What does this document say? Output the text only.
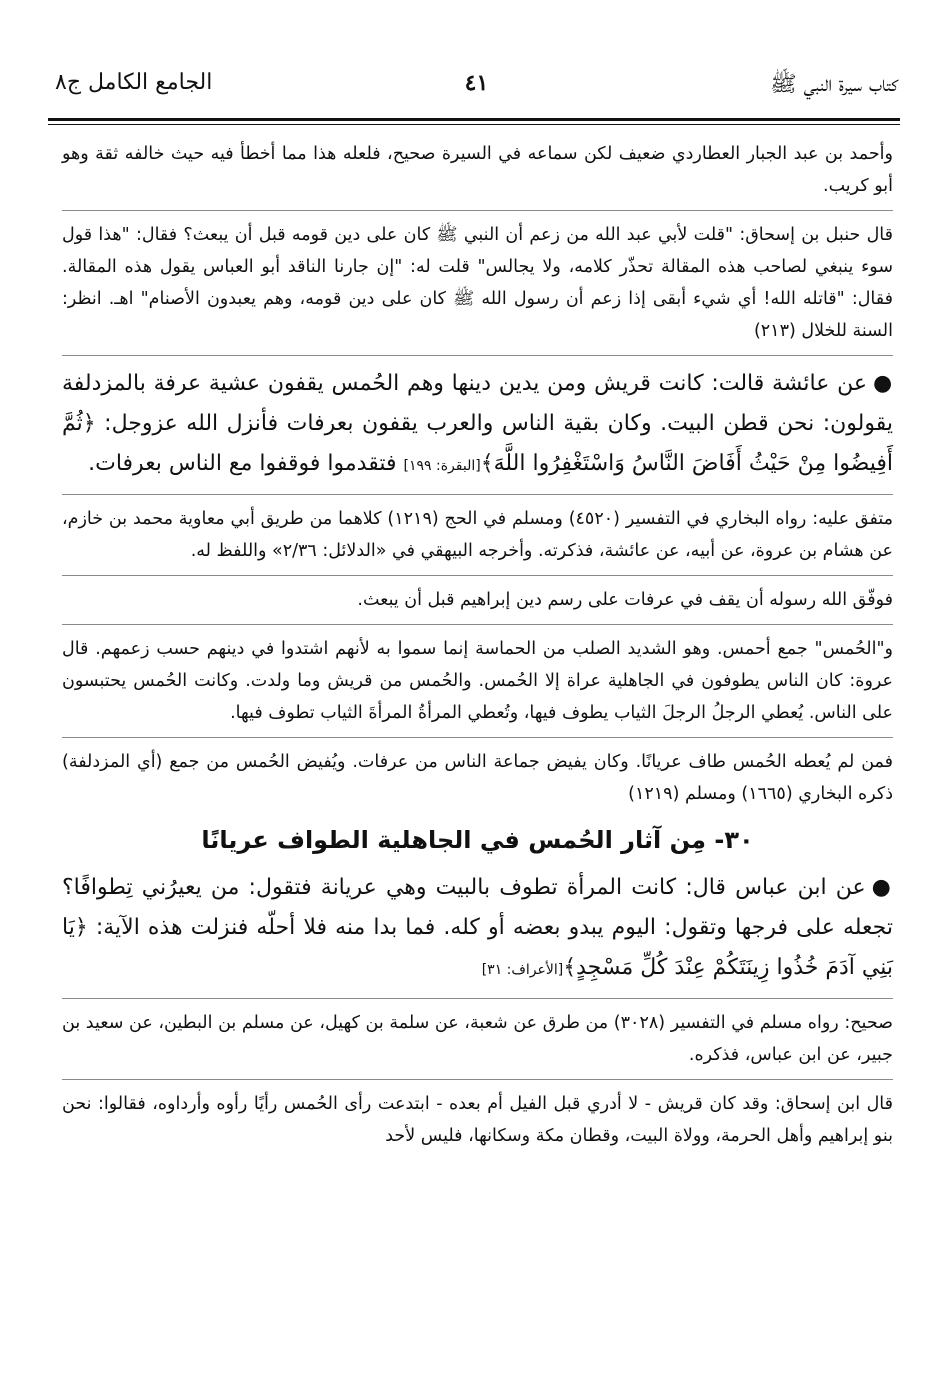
كتاب سيرة النبي ﷺ
٤١
الجامع الكامل ج٨

وأحمد بن عبد الجبار العطاردي ضعيف لكن سماعه في السيرة صحيح، فلعله هذا مما أخطأ فيه حيث خالفه ثقة وهو أبو كريب.

قال حنبل بن إسحاق: "قلت لأبي عبد الله من زعم أن النبي ﷺ كان على دين قومه قبل أن يبعث؟ فقال: "هذا قول سوء ينبغي لصاحب هذه المقالة تحذّر كلامه، ولا يجالس" قلت له: "إن جارنا الناقد أبو العباس يقول هذه المقالة. فقال: "قاتله الله! أي شيء أبقى إذا زعم أن رسول الله ﷺ كان على دين قومه، وهم يعبدون الأصنام" اهـ. انظر: السنة للخلال (٢١٣)

●عن عائشة قالت: كانت قريش ومن يدين دينها وهم الحُمس يقفون عشية عرفة بالمزدلفة يقولون: نحن قطن البيت. وكان بقية الناس والعرب يقفون بعرفات فأنزل الله عزوجل: ﴿ثُمَّ أَفِيضُوا مِنْ حَيْثُ أَفَاضَ النَّاسُ وَاسْتَغْفِرُوا اللَّهَ﴾[البقرة: ١٩٩] فتقدموا فوقفوا مع الناس بعرفات.

متفق عليه: رواه البخاري في التفسير (٤٥٢٠) ومسلم في الحج (١٢١٩) كلاهما من طريق أبي معاوية محمد بن خازم، عن هشام بن عروة، عن أبيه، عن عائشة، فذكرته. وأخرجه البيهقي في «الدلائل: ٢/٣٦» واللفظ له.

فوفّق الله رسوله أن يقف في عرفات على رسم دين إبراهيم قبل أن يبعث.

و"الحُمس" جمع أحمس. وهو الشديد الصلب من الحماسة إنما سموا به لأنهم اشتدوا في دينهم حسب زعمهم. قال عروة: كان الناس يطوفون في الجاهلية عراة إلا الحُمس. والحُمس من قريش وما ولدت. وكانت الحُمس يحتبسون على الناس. يُعطي الرجلُ الرجلَ الثياب يطوف فيها، وتُعطي المرأةُ المرأةَ الثياب تطوف فيها.

فمن لم يُعطه الحُمس طاف عريانًا. وكان يفيض جماعة الناس من عرفات. ويُفيض الحُمس من جمع (أي المزدلفة) ذكره البخاري (١٦٦٥) ومسلم (١٢١٩)

٣٠- مِن آثار الحُمس في الجاهلية الطواف عريانًا

●عن ابن عباس قال: كانت المرأة تطوف بالبيت وهي عريانة فتقول: من يعيرُني تِطوافًا؟ تجعله على فرجها وتقول: اليوم يبدو بعضه أو كله. فما بدا منه فلا أحلّه فنزلت هذه الآية: ﴿يَا بَنِي آدَمَ خُذُوا زِينَتَكُمْ عِنْدَ كُلِّ مَسْجِدٍ﴾[الأعراف: ٣١]

صحيح: رواه مسلم في التفسير (٣٠٢٨) من طرق عن شعبة، عن سلمة بن كهيل، عن مسلم بن البطين، عن سعيد بن جبير، عن ابن عباس، فذكره.

قال ابن إسحاق: وقد كان قريش - لا أدري قبل الفيل أم بعده - ابتدعت رأى الحُمس رأيًا رأوه وأرداوه، فقالوا: نحن بنو إبراهيم وأهل الحرمة، وولاة البيت، وقطان مكة وسكانها، فليس لأحد
